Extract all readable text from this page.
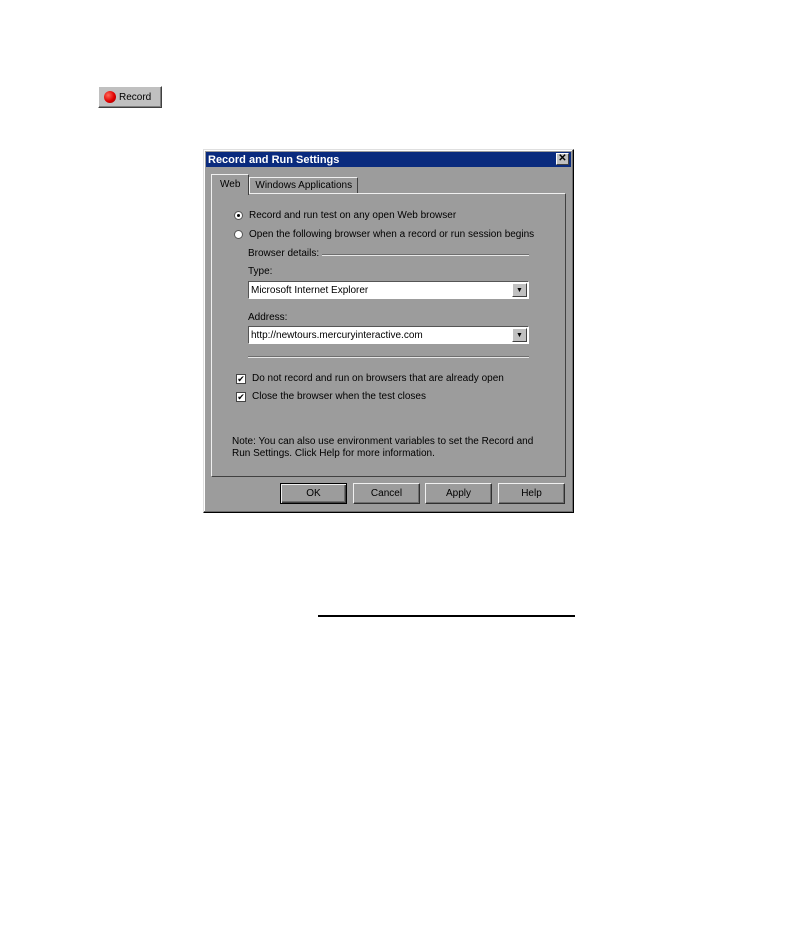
Record
Record and Run Settings	✕
Web	Windows Applications
Record and run test on any open Web browser
Open the following browser when a record or run session begins
Browser details:
Type:
Microsoft Internet Explorer	▼
Address:
http://newtours.mercuryinteractive.com	▼
✔ Do not record and run on browsers that are already open
✔ Close the browser when the test closes
Note: You can also use environment variables to set the Record and
Run Settings. Click Help for more information.
OK	Cancel	Apply	Help
